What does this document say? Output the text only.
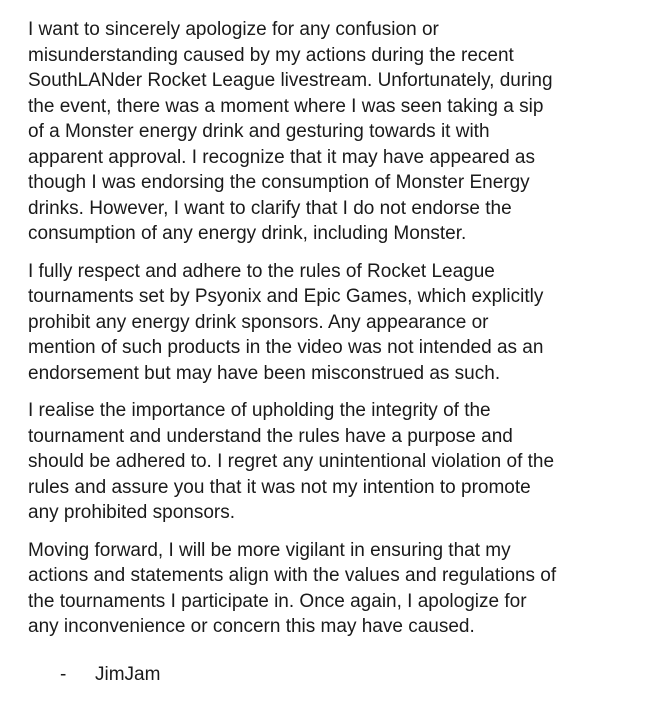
I want to sincerely apologize for any confusion or
misunderstanding caused by my actions during the recent
SouthLANder Rocket League livestream. Unfortunately, during
the event, there was a moment where I was seen taking a sip
of a Monster energy drink and gesturing towards it with
apparent approval. I recognize that it may have appeared as
though I was endorsing the consumption of Monster Energy
drinks. However, I want to clarify that I do not endorse the
consumption of any energy drink, including Monster.

I fully respect and adhere to the rules of Rocket League
tournaments set by Psyonix and Epic Games, which explicitly
prohibit any energy drink sponsors. Any appearance or
mention of such products in the video was not intended as an
endorsement but may have been misconstrued as such.

I realise the importance of upholding the integrity of the
tournament and understand the rules have a purpose and
should be adhered to. I regret any unintentional violation of the
rules and assure you that it was not my intention to promote
any prohibited sponsors.

Moving forward, I will be more vigilant in ensuring that my
actions and statements align with the values and regulations of
the tournaments I participate in. Once again, I apologize for
any inconvenience or concern this may have caused.

- JimJam
